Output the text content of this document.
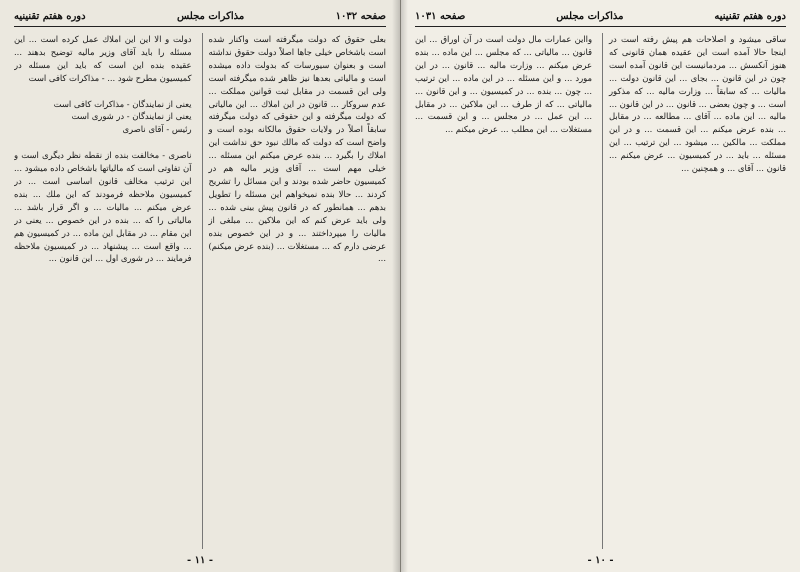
صفحه ۱۰۳۲
مذاکرات مجلس
دوره هفتم تقنينيه

بعلى حقوق كه دولت ميگرفته است واكنار شده است باشخاص خيلى جاها اصلاً دولت حقوق نداشته است و بعنوان سيورسات كه بدولت داده ميشده است و مالياتى بعدها نيز ظاهر شده ميگرفته است ولى اين قسمت در مقابل ثبت قوانين مملكت ... عدم سروكار ... قانون در اين املاك ... اين مالياتى كه دولت ميگرفته و اين حقوقى كه دولت ميگرفته سابقاً اصلاً در ولايات حقوق مالكانه بوده است و واضح است كه دولت كه مالك نبود حق نداشت اين املاك را بگيرد ... بنده عرض ميكنم اين مسئله ... خيلى مهم است ... آقاى وزير ماليه هم در كميسيون حاضر شده بودند و اين مسائل را تشريح كردند ... حالا بنده نميخواهم اين مسئله را تطويل بدهم ... همانطور كه در قانون پيش بينى شده ... ولى بايد عرض كنم كه اين ملاكين ... مبلغى از ماليات را ميپرداختند ... و در اين خصوص بنده عرضى دارم كه ... مستغلات ... (بنده عرض ميكنم) ...

دولت و الا اين اين املاك عمل كرده است ... اين مسئله را بايد آقاى وزير ماليه توضيح بدهند ... عقيده بنده اين است كه بايد اين مسئله در كميسيون مطرح شود ... - مذاكرات كافى است

يعنى از نمايندگان - مذاكرات كافى است
يعنى از نمايندگان - در شورى است
رئيس - آقاى ناصرى

ناصرى - مخالفت بنده از نقطه نظر ديگرى است و آن تفاوتى است كه مالياتها باشخاص داده ميشود ... اين ترتيب مخالف قانون اساسى است ... در كميسيون ملاحظه فرمودند كه اين ملك ... بنده عرض ميكنم ... ماليات ... و اگر قرار باشد ... مالياتى را كه ... بنده در اين خصوص ... يعنى در اين مقام ... در مقابل اين ماده ... در كميسيون هم ... واقع است ... پيشنهاد ... در كميسيون ملاحظه فرمايند ... در شورى اول ... اين قانون ...

- ۱۱ -
دوره هفتم تقنينيه
مذاكرات مجلس
صفحه ۱۰۳۱

ساقى ميشود و اصلاحات هم پيش رفته است در اينجا حالا آمده است اين عقيده همان قانونى كه هنوز آنكسش ... مردمانيست اين قانون آمده است چون در اين قانون ... بجاى ... اين قانون دولت ... ماليات ... كه سابقاً ... وزارت ماليه ... كه مذكور است ... و چون بعضى ... قانون ... در اين قانون ... ماليه ... اين ماده ... آقاى ... مطالعه ... در مقابل ... بنده عرض ميكنم ... اين قسمت ... و در اين مملكت ... مالكين ... ميشود ... اين ترتيب ... اين مسئله ... بايد ... در كميسيون ... عرض ميكنم ... قانون ... آقاى ... و همچنين ...

وااين عمارات مال دولت است در آن اوراق ... اين قانون ... مالياتى ... كه مجلس ... اين ماده ... بنده عرض ميكنم ... وزارت ماليه ... قانون ... در اين مورد ... و اين مسئله ... در اين ماده ... اين ترتيب ... چون ... بنده ... در كميسيون ... و اين قانون ... مالياتى ... كه از طرف ... اين ملاكين ... در مقابل ... اين عمل ... در مجلس ... و اين قسمت ... مستغلات ... اين مطلب ... عرض ميكنم ...

- ۱۰ -
